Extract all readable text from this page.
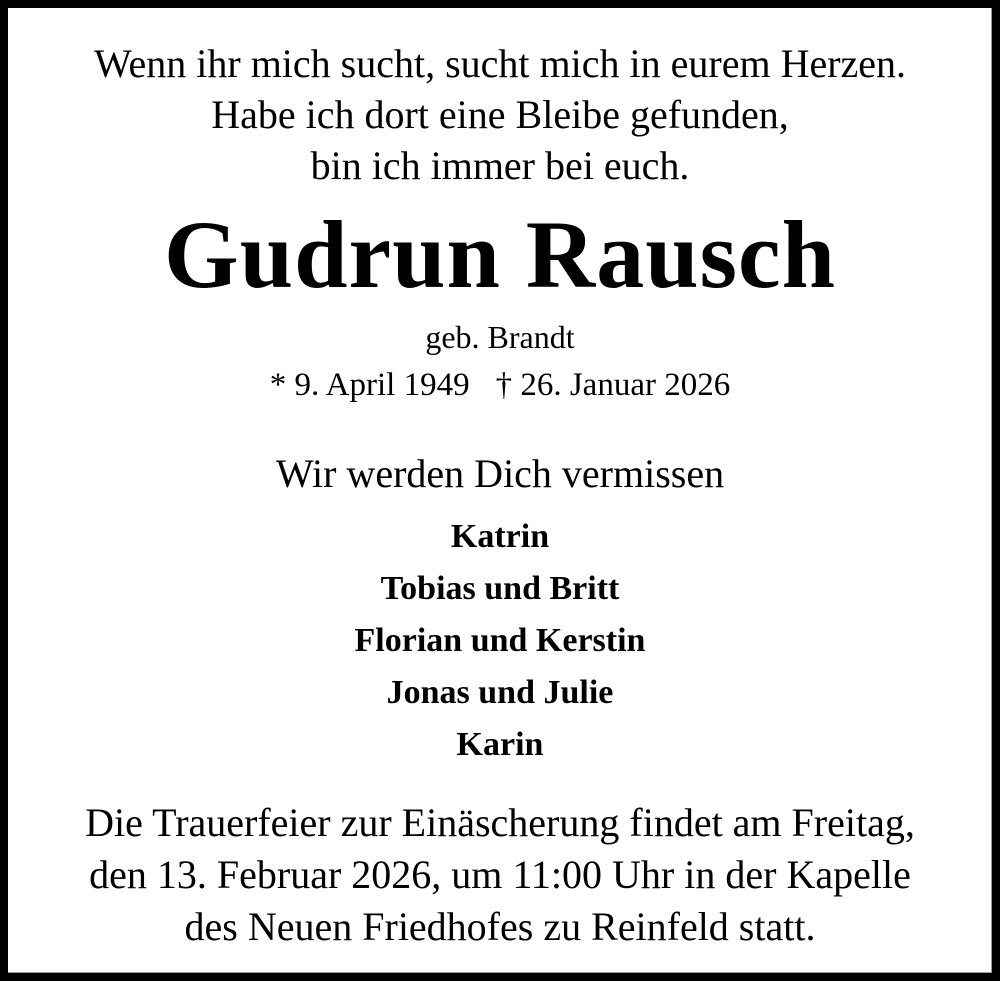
Wenn ihr mich sucht, sucht mich in eurem Herzen.
Habe ich dort eine Bleibe gefunden,
bin ich immer bei euch.
Gudrun Rausch
geb. Brandt
* 9. April 1949 † 26. Januar 2026
Wir werden Dich vermissen
Katrin
Tobias und Britt
Florian und Kerstin
Jonas und Julie
Karin
Die Trauerfeier zur Einäscherung findet am Freitag,
den 13. Februar 2026, um 11:00 Uhr in der Kapelle
des Neuen Friedhofes zu Reinfeld statt.
